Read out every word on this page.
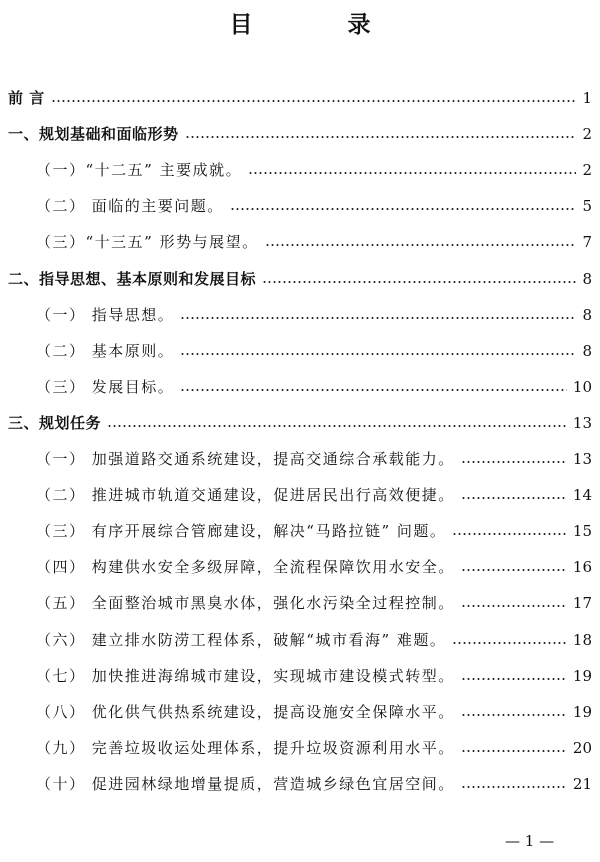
目　录
前 言	1
一、规划基础和面临形势	2
（一）“十二五” 主要成就。	2
（二） 面临的主要问题。	5
（三）“十三五” 形势与展望。	7
二、指导思想、基本原则和发展目标	8
（一） 指导思想。	8
（二） 基本原则。	8
（三） 发展目标。	10
三、规划任务	13
（一） 加强道路交通系统建设，提高交通综合承载能力。	13
（二） 推进城市轨道交通建设，促进居民出行高效便捷。	14
（三） 有序开展综合管廊建设，解决“马路拉链” 问题。	15
（四） 构建供水安全多级屏障，全流程保障饮用水安全。	16
（五） 全面整治城市黑臭水体，强化水污染全过程控制。	17
（六） 建立排水防涝工程体系，破解“城市看海” 难题。	18
（七） 加快推进海绵城市建设，实现城市建设模式转型。	19
（八） 优化供气供热系统建设，提高设施安全保障水平。	19
（九） 完善垃圾收运处理体系，提升垃圾资源利用水平。	20
（十） 促进园林绿地增量提质，营造城乡绿色宜居空间。	21
— 1 —
